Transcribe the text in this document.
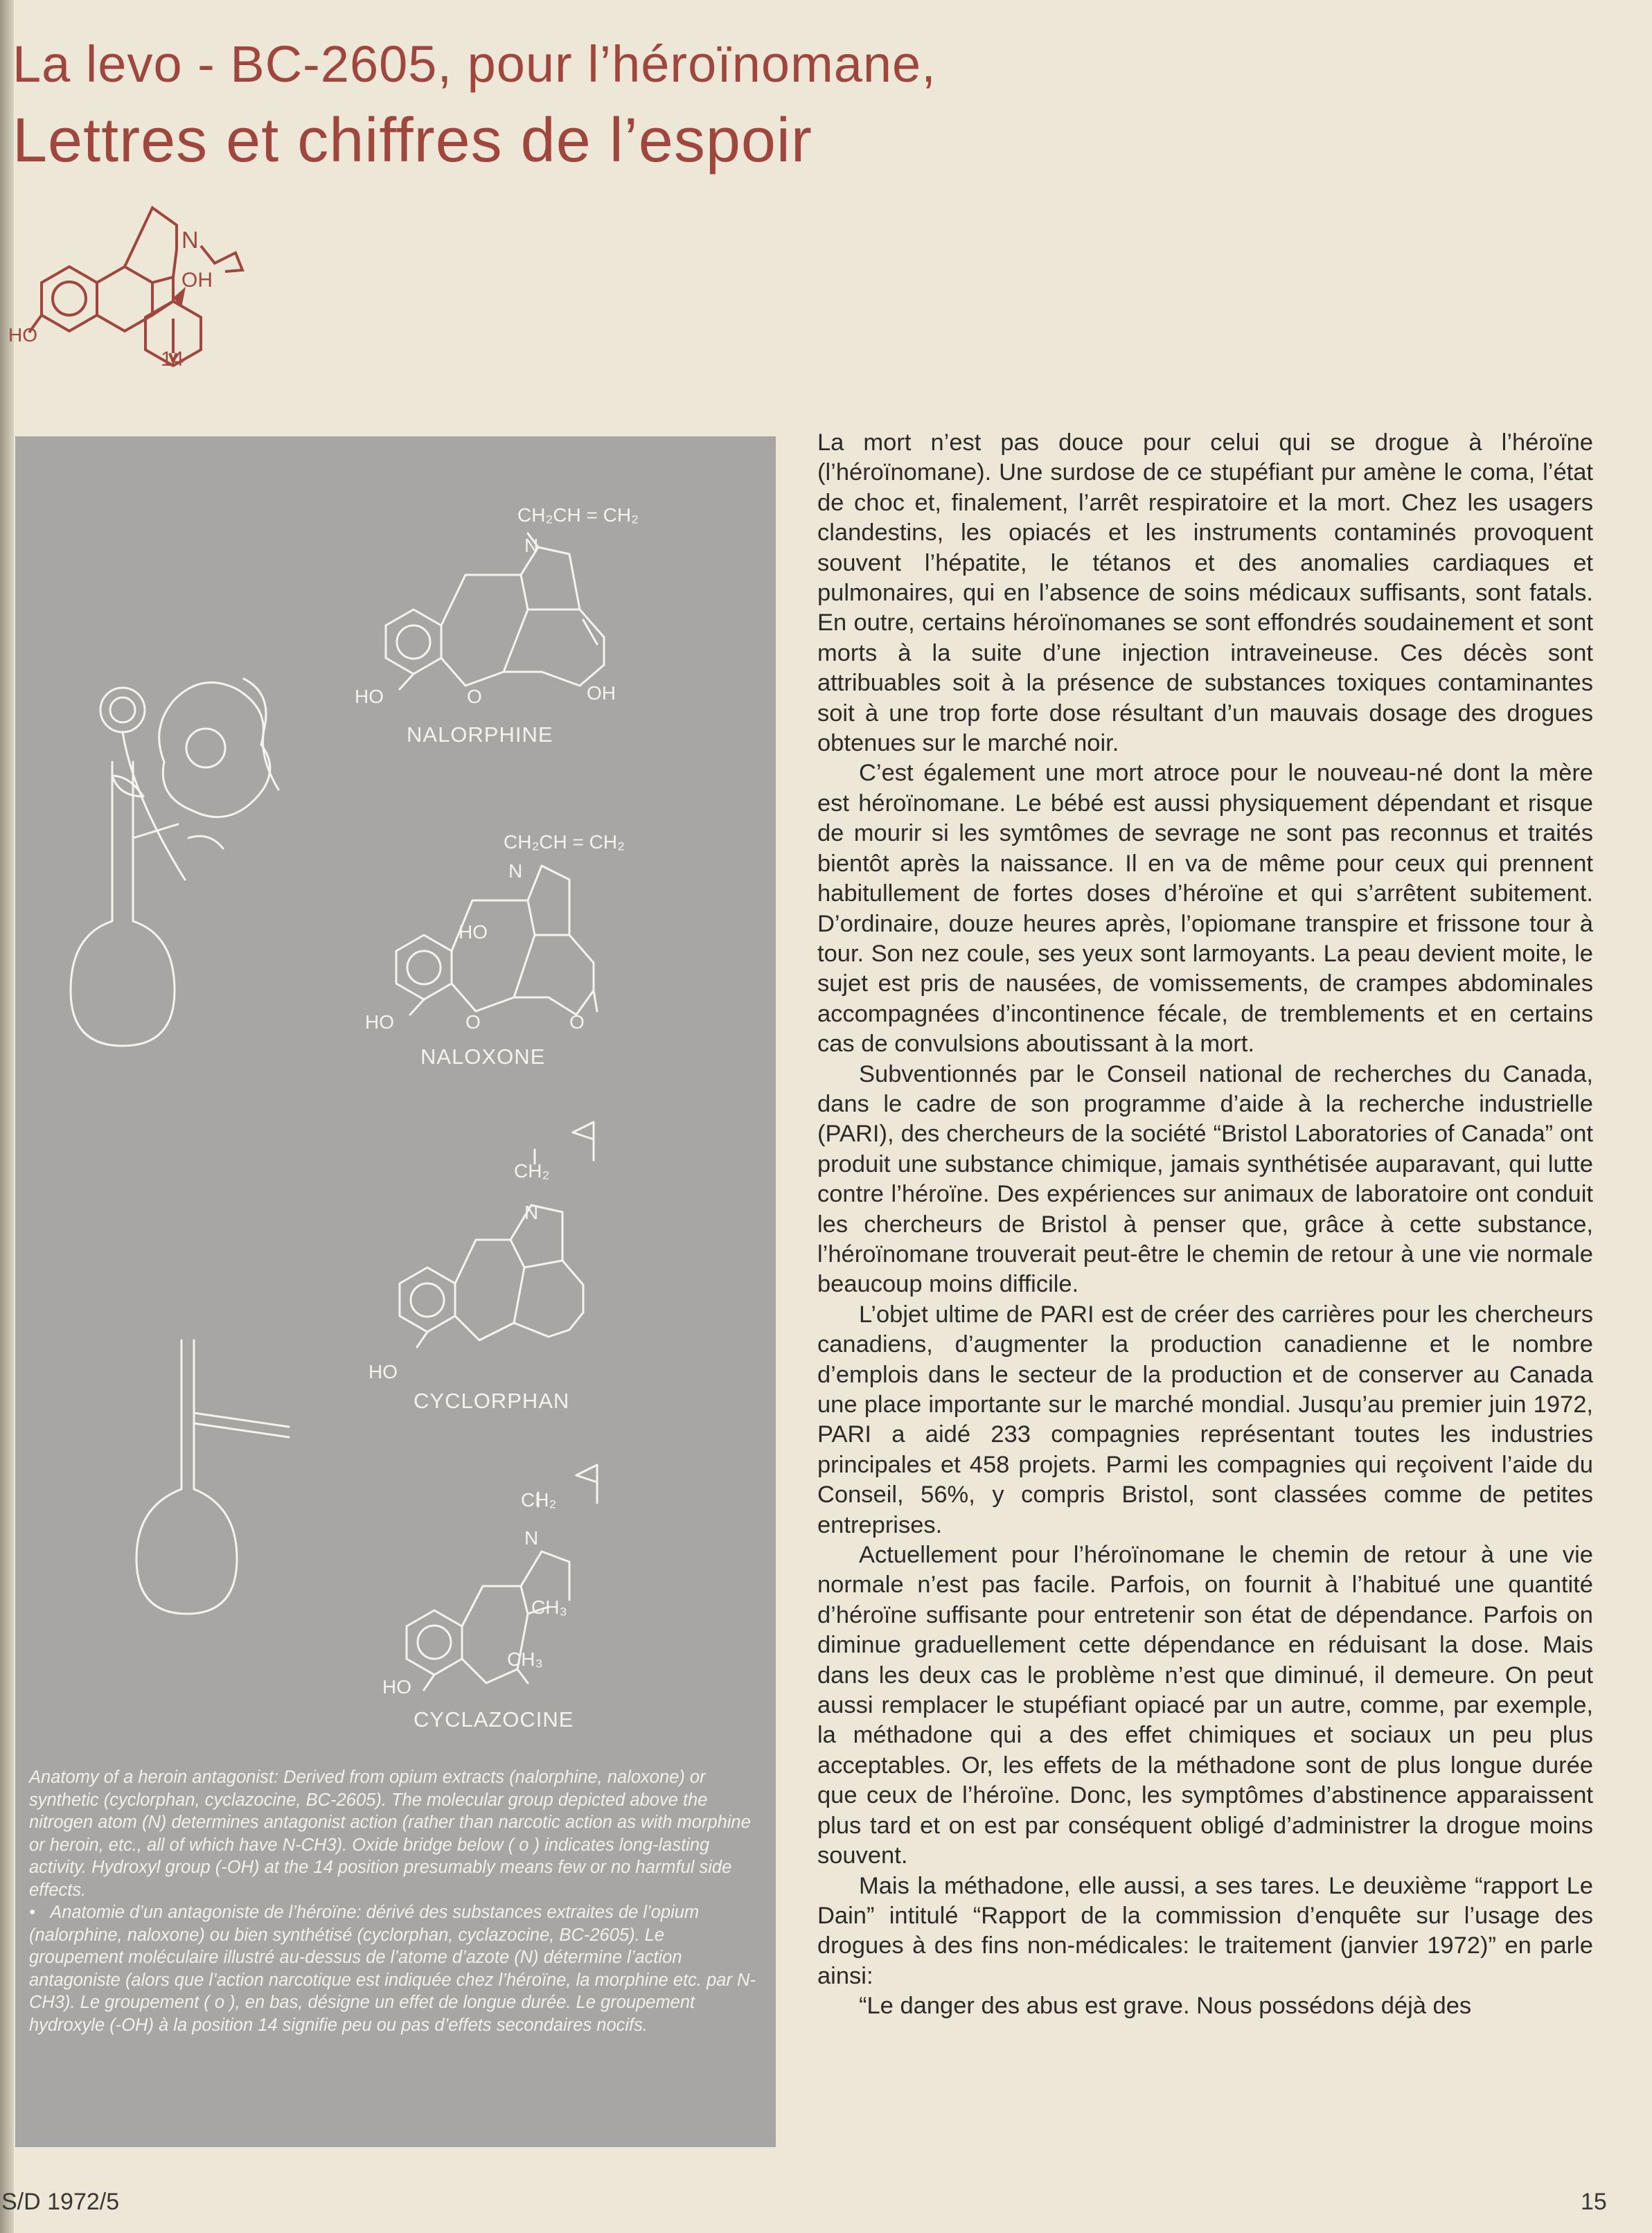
La levo - BC-2605, pour l’héroïnomane,
Lettres et chiffres de l’espoir
N
OH
HO
14
CH₂CH = CH₂
N
HO	O	OH
NALORPHINE
CH₂CH = CH₂
N
HO
HO	O	O
NALOXONE
CH₂
N
HO
CYCLORPHAN
CH₂
N
CH₃
CH₃
HO
CYCLAZOCINE

Anatomy of a heroin antagonist: Derived from opium extracts (nalorphine, naloxone) or synthetic (cyclorphan, cyclazocine, BC-2605). The molecular group depicted above the nitrogen atom (N) determines antagonist action (rather than narcotic action as with morphine or heroin, etc., all of which have N-CH3). Oxide bridge below ( o ) indicates long-lasting activity. Hydroxyl group (-OH) at the 14 position presumably means few or no harmful side effects.

•   Anatomie d’un antagoniste de l’héroïne: dérivé des substances extraites de l’opium (nalorphine, naloxone) ou bien synthétisé (cyclorphan, cyclazocine, BC-2605). Le groupement moléculaire illustré au-dessus de l’atome d’azote (N) détermine l’action antagoniste (alors que l’action narcotique est indiquée chez l’héroïne, la morphine etc. par N-CH3). Le groupement ( o ), en bas, désigne un effet de longue durée. Le groupement hydroxyle (-OH) à la position 14 signifie peu ou pas d’effets secondaires nocifs.

La mort n’est pas douce pour celui qui se drogue à l’héroïne (l’héroïnomane). Une surdose de ce stupéfiant pur amène le coma, l’état de choc et, finalement, l’arrêt respiratoire et la mort. Chez les usagers clandestins, les opiacés et les instruments contaminés provoquent souvent l’hépatite, le tétanos et des anomalies cardiaques et pulmonaires, qui en l’absence de soins médicaux suffisants, sont fatals. En outre, certains héroïnomanes se sont effondrés soudainement et sont morts à la suite d’une injection intraveineuse. Ces décès sont attribuables soit à la présence de substances toxiques contaminantes soit à une trop forte dose résultant d’un mauvais dosage des drogues obtenues sur le marché noir.

C’est également une mort atroce pour le nouveau-né dont la mère est héroïnomane. Le bébé est aussi physiquement dépendant et risque de mourir si les symtômes de sevrage ne sont pas reconnus et traités bientôt après la naissance. Il en va de même pour ceux qui prennent habitullement de fortes doses d’héroïne et qui s’arrêtent subitement. D’ordinaire, douze heures après, l’opiomane transpire et frissone tour à tour. Son nez coule, ses yeux sont larmoyants. La peau devient moite, le sujet est pris de nausées, de vomissements, de crampes abdominales accompagnées d’incontinence fécale, de tremblements et en certains cas de convulsions aboutissant à la mort.

Subventionnés par le Conseil national de recherches du Canada, dans le cadre de son programme d’aide à la recherche industrielle (PARI), des chercheurs de la société “Bristol Laboratories of Canada” ont produit une substance chimique, jamais synthétisée auparavant, qui lutte contre l’héroïne. Des expériences sur animaux de laboratoire ont conduit les chercheurs de Bristol à penser que, grâce à cette substance, l’héroïnomane trouverait peut-être le chemin de retour à une vie normale beaucoup moins difficile.

L’objet ultime de PARI est de créer des carrières pour les chercheurs canadiens, d’augmenter la production canadienne et le nombre d’emplois dans le secteur de la production et de conserver au Canada une place importante sur le marché mondial. Jusqu’au premier juin 1972, PARI a aidé 233 compagnies représentant toutes les industries principales et 458 projets. Parmi les compagnies qui reçoivent l’aide du Conseil, 56%, y compris Bristol, sont classées comme de petites entreprises.

Actuellement pour l’héroïnomane le chemin de retour à une vie normale n’est pas facile. Parfois, on fournit à l’habitué une quantité d’héroïne suffisante pour entretenir son état de dépendance. Parfois on diminue graduellement cette dépendance en réduisant la dose. Mais dans les deux cas le problème n’est que diminué, il demeure. On peut aussi remplacer le stupéfiant opiacé par un autre, comme, par exemple, la méthadone qui a des effet chimiques et sociaux un peu plus acceptables. Or, les effets de la méthadone sont de plus longue durée que ceux de l’héroïne. Donc, les symptômes d’abstinence apparaissent plus tard et on est par conséquent obligé d’administrer la drogue moins souvent.

Mais la méthadone, elle aussi, a ses tares. Le deuxième “rapport Le Dain” intitulé “Rapport de la commission d’enquête sur l’usage des drogues à des fins non-médicales: le traitement (janvier 1972)” en parle ainsi:

“Le danger des abus est grave. Nous possédons déjà des

S/D 1972/5	15
